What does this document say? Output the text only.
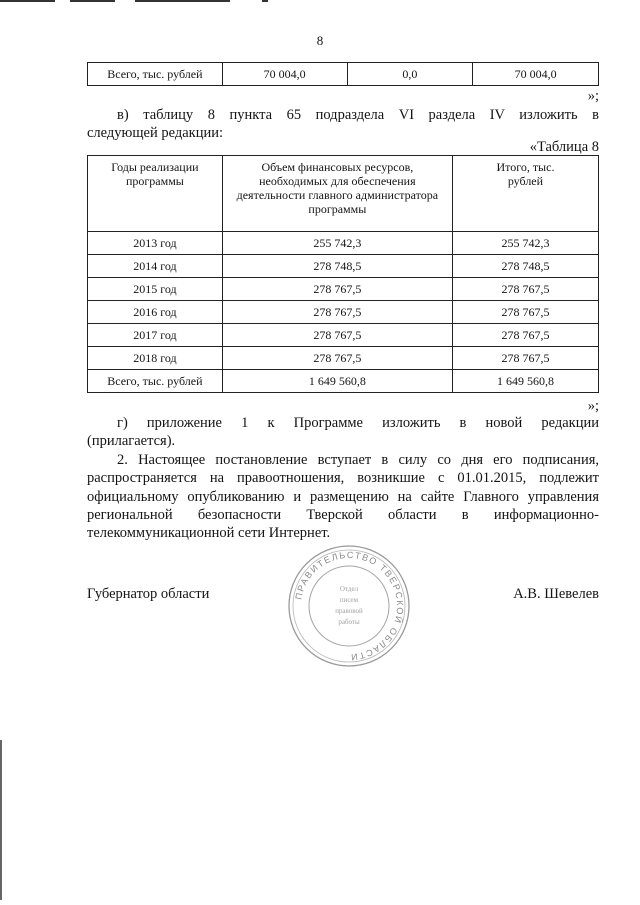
8
Всего, тыс. рублей	70 004,0	0,0	70 004,0
»;
в) таблицу 8 пункта 65 подраздела VI раздела IV изложить в
следующей редакции:
«Таблица 8
Годы реализации программы	Объем финансовых ресурсов, необходимых для обеспечения деятельности главного администратора программы	Итого, тыс. рублей

2013 год	255 742,3	255 742,3
2014 год	278 748,5	278 748,5
2015 год	278 767,5	278 767,5
2016 год	278 767,5	278 767,5
2017 год	278 767,5	278 767,5
2018 год	278 767,5	278 767,5
Всего, тыс. рублей	1 649 560,8	1 649 560,8
»;
г) приложение 1 к Программе изложить в новой редакции
(прилагается).
2. Настоящее постановление вступает в силу со дня его подписания,
распространяется на правоотношения, возникшие с 01.01.2015, подлежит
официальному опубликованию и размещению на сайте Главного управления
региональной безопасности Тверской области в информационно-
телекоммуникационной сети Интернет.
Губернатор области	А.В. Шевелев
ПРАВИТЕЛЬСТВО ТВЕРСКОЙ ОБЛАСТИ
Отдел
писем
правовой
работы
